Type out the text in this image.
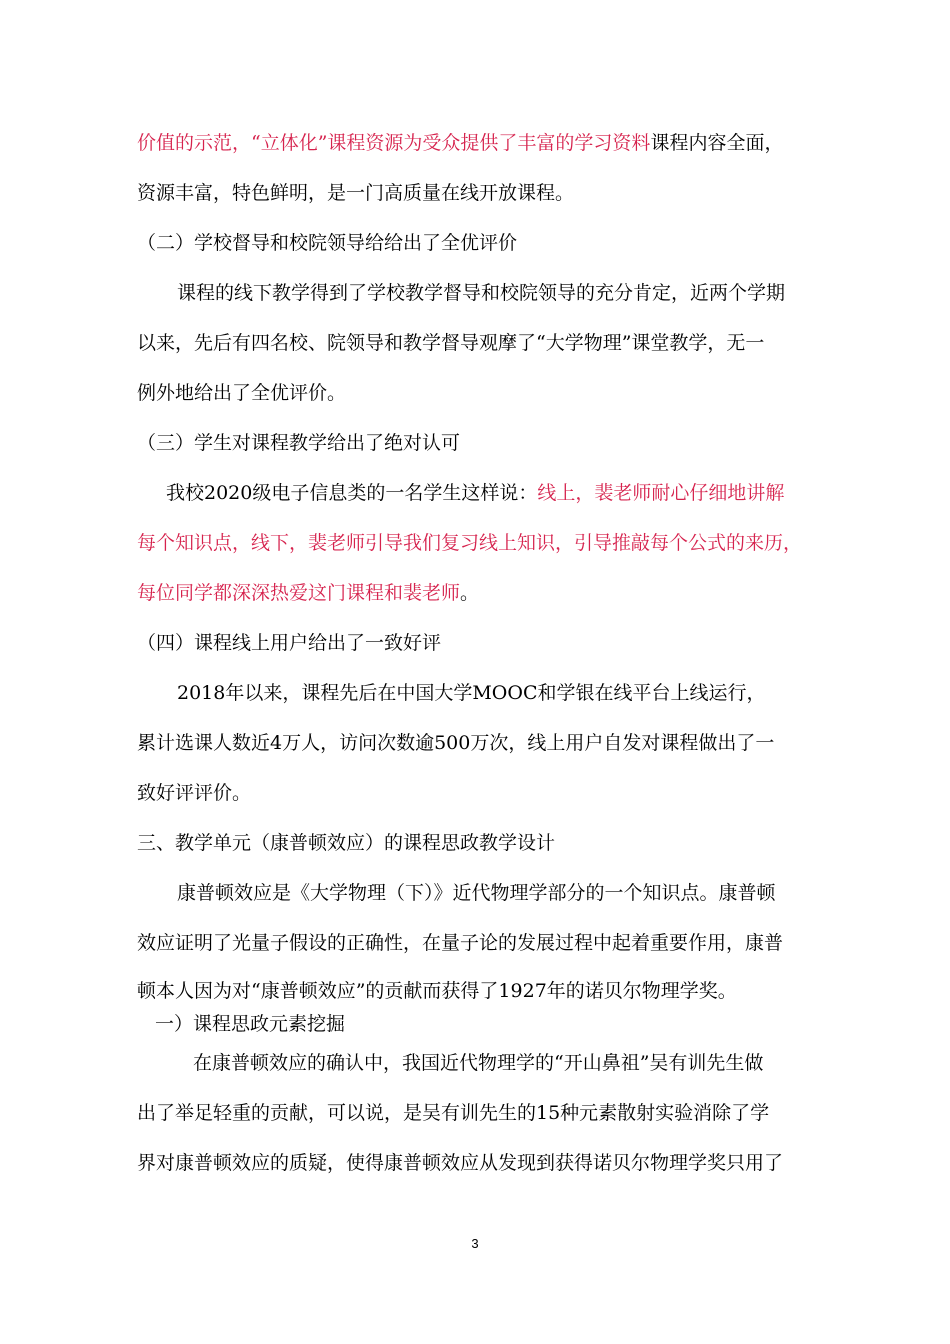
价值的示范，“立体化”课程资源为受众提供了丰富的学习资料课程内容全面，
资源丰富，特色鲜明，是一门高质量在线开放课程。
（二）学校督导和校院领导给给出了全优评价
课程的线下教学得到了学校教学督导和校院领导的充分肯定，近两个学期
以来，先后有四名校、院领导和教学督导观摩了“大学物理”课堂教学，无一
例外地给出了全优评价。
（三）学生对课程教学给出了绝对认可
我校2020级电子信息类的一名学生这样说：线上，裴老师耐心仔细地讲解
每个知识点，线下，裴老师引导我们复习线上知识，引导推敲每个公式的来历，
每位同学都深深热爱这门课程和裴老师。
（四）课程线上用户给出了一致好评
2018年以来，课程先后在中国大学MOOC和学银在线平台上线运行，
累计选课人数近4万人，访问次数逾500万次，线上用户自发对课程做出了一
致好评评价。
三、教学单元（康普顿效应）的课程思政教学设计
康普顿效应是《大学物理（下）》近代物理学部分的一个知识点。康普顿
效应证明了光量子假设的正确性，在量子论的发展过程中起着重要作用，康普
顿本人因为对“康普顿效应”的贡献而获得了1927年的诺贝尔物理学奖。
一）课程思政元素挖掘
在康普顿效应的确认中，我国近代物理学的“开山鼻祖”吴有训先生做
出了举足轻重的贡献，可以说，是吴有训先生的15种元素散射实验消除了学
界对康普顿效应的质疑，使得康普顿效应从发现到获得诺贝尔物理学奖只用了
3
